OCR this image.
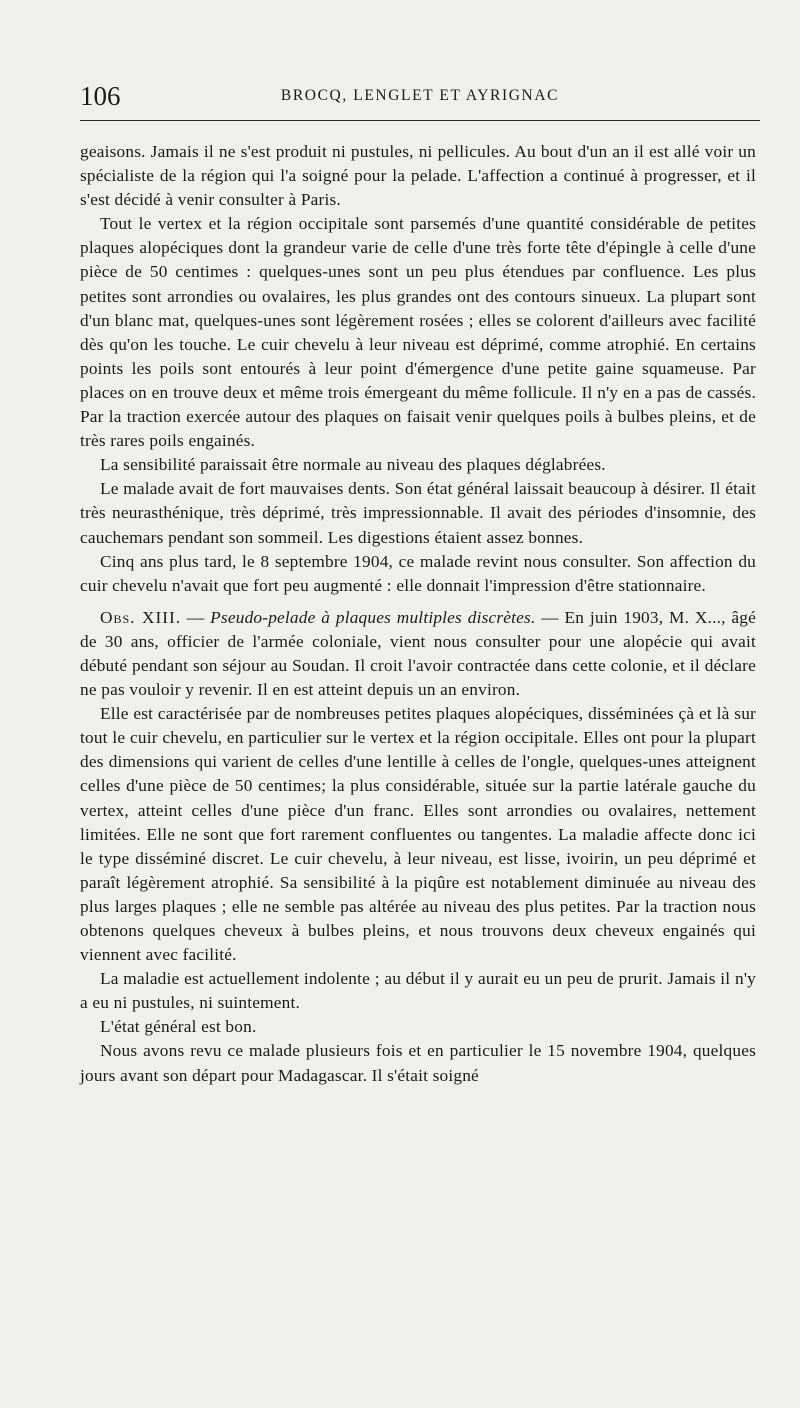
106	BROCQ, LENGLET ET AYRIGNAC

geaisons. Jamais il ne s'est produit ni pustules, ni pellicules. Au bout d'un an il est allé voir un spécialiste de la région qui l'a soigné pour la pelade. L'affection a continué à progresser, et il s'est décidé à venir consulter à Paris.

Tout le vertex et la région occipitale sont parsemés d'une quantité considérable de petites plaques alopéciques dont la grandeur varie de celle d'une très forte tête d'épingle à celle d'une pièce de 50 centimes : quelques-unes sont un peu plus étendues par confluence. Les plus petites sont arrondies ou ovalaires, les plus grandes ont des contours sinueux. La plupart sont d'un blanc mat, quelques-unes sont légèrement rosées ; elles se colorent d'ailleurs avec facilité dès qu'on les touche. Le cuir chevelu à leur niveau est déprimé, comme atrophié. En certains points les poils sont entourés à leur point d'émergence d'une petite gaine squameuse. Par places on en trouve deux et même trois émergeant du même follicule. Il n'y en a pas de cassés. Par la traction exercée autour des plaques on faisait venir quelques poils à bulbes pleins, et de très rares poils engainés.

La sensibilité paraissait être normale au niveau des plaques déglabrées.

Le malade avait de fort mauvaises dents. Son état général laissait beaucoup à désirer. Il était très neurasthénique, très déprimé, très impressionnable. Il avait des périodes d'insomnie, des cauchemars pendant son sommeil. Les digestions étaient assez bonnes.

Cinq ans plus tard, le 8 septembre 1904, ce malade revint nous consulter. Son affection du cuir chevelu n'avait que fort peu augmenté : elle donnait l'impression d'être stationnaire.

Obs. XIII. — Pseudo-pelade à plaques multiples discrètes. — En juin 1903, M. X..., âgé de 30 ans, officier de l'armée coloniale, vient nous consulter pour une alopécie qui avait débuté pendant son séjour au Soudan. Il croit l'avoir contractée dans cette colonie, et il déclare ne pas vouloir y revenir. Il en est atteint depuis un an environ.

Elle est caractérisée par de nombreuses petites plaques alopéciques, disséminées çà et là sur tout le cuir chevelu, en particulier sur le vertex et la région occipitale. Elles ont pour la plupart des dimensions qui varient de celles d'une lentille à celles de l'ongle, quelques-unes atteignent celles d'une pièce de 50 centimes; la plus considérable, située sur la partie latérale gauche du vertex, atteint celles d'une pièce d'un franc. Elles sont arrondies ou ovalaires, nettement limitées. Elle ne sont que fort rarement confluentes ou tangentes. La maladie affecte donc ici le type disséminé discret. Le cuir chevelu, à leur niveau, est lisse, ivoirin, un peu déprimé et paraît légèrement atrophié. Sa sensibilité à la piqûre est notablement diminuée au niveau des plus larges plaques ; elle ne semble pas altérée au niveau des plus petites. Par la traction nous obtenons quelques cheveux à bulbes pleins, et nous trouvons deux cheveux engainés qui viennent avec facilité.

La maladie est actuellement indolente ; au début il y aurait eu un peu de prurit. Jamais il n'y a eu ni pustules, ni suintement.

L'état général est bon.

Nous avons revu ce malade plusieurs fois et en particulier le 15 novembre 1904, quelques jours avant son départ pour Madagascar. Il s'était soigné
